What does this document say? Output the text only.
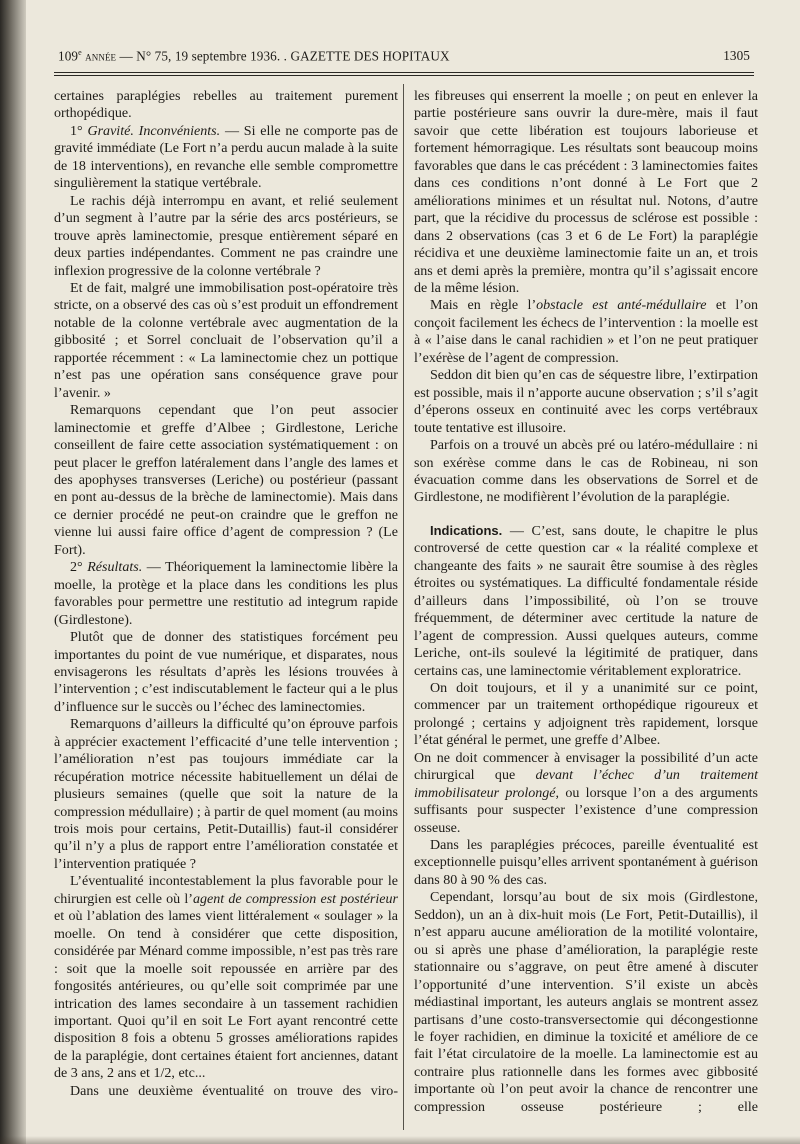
109e année — N° 75, 19 septembre 1936. . GAZETTE DES HOPITAUX	1305

certaines paraplégies rebelles au traitement purement orthopédique.

1° Gravité. Inconvénients. — Si elle ne comporte pas de gravité immédiate (Le Fort n’a perdu aucun malade à la suite de 18 interventions), en revanche elle semble compromettre singulièrement la statique vertébrale.

Le rachis déjà interrompu en avant, et relié seulement d’un segment à l’autre par la série des arcs postérieurs, se trouve après laminectomie, presque entièrement séparé en deux parties indépendantes. Comment ne pas craindre une inflexion progressive de la colonne vertébrale ?

Et de fait, malgré une immobilisation post-opératoire très stricte, on a observé des cas où s’est produit un effondrement notable de la colonne vertébrale avec augmentation de la gibbosité ; et Sorrel concluait de l’observation qu’il a rapportée récemment : « La laminectomie chez un pottique n’est pas une opération sans conséquence grave pour l’avenir. »

Remarquons cependant que l’on peut associer laminectomie et greffe d’Albee ; Girdlestone, Leriche conseillent de faire cette association systématiquement : on peut placer le greffon latéralement dans l’angle des lames et des apophyses transverses (Leriche) ou postérieur (passant en pont au-dessus de la brèche de laminectomie). Mais dans ce dernier procédé ne peut-on craindre que le greffon ne vienne lui aussi faire office d’agent de compression ? (Le Fort).

2° Résultats. — Théoriquement la laminectomie libère la moelle, la protège et la place dans les conditions les plus favorables pour permettre une restitutio ad integrum rapide (Girdlestone).

Plutôt que de donner des statistiques forcément peu importantes du point de vue numérique, et disparates, nous envisagerons les résultats d’après les lésions trouvées à l’intervention ; c’est indiscutablement le facteur qui a le plus d’influence sur le succès ou l’échec des laminectomies.

Remarquons d’ailleurs la difficulté qu’on éprouve parfois à apprécier exactement l’efficacité d’une telle intervention ; l’amélioration n’est pas toujours immédiate car la récupération motrice nécessite habituellement un délai de plusieurs semaines (quelle que soit la nature de la compression médullaire) ; à partir de quel moment (au moins trois mois pour certains, Petit-Dutaillis) faut-il considérer qu’il n’y a plus de rapport entre l’amélioration constatée et l’intervention pratiquée ?

L’éventualité incontestablement la plus favorable pour le chirurgien est celle où l’agent de compression est postérieur et où l’ablation des lames vient littéralement « soulager » la moelle. On tend à considérer que cette disposition, considérée par Ménard comme impossible, n’est pas très rare : soit que la moelle soit repoussée en arrière par des fongosités antérieures, ou qu’elle soit comprimée par une intrication des lames secondaire à un tassement rachidien important. Quoi qu’il en soit Le Fort ayant rencontré cette disposition 8 fois a obtenu 5 grosses améliorations rapides de la paraplégie, dont certaines étaient fort anciennes, datant de 3 ans, 2 ans et 1/2, etc...

Dans une deuxième éventualité on trouve des viro-

les fibreuses qui enserrent la moelle ; on peut en enlever la partie postérieure sans ouvrir la dure-mère, mais il faut savoir que cette libération est toujours laborieuse et fortement hémorragique. Les résultats sont beaucoup moins favorables que dans le cas précédent : 3 laminectomies faites dans ces conditions n’ont donné à Le Fort que 2 améliorations minimes et un résultat nul. Notons, d’autre part, que la récidive du processus de sclérose est possible : dans 2 observations (cas 3 et 6 de Le Fort) la paraplégie récidiva et une deuxième laminectomie faite un an, et trois ans et demi après la première, montra qu’il s’agissait encore de la même lésion.

Mais en règle l’obstacle est anté-médullaire et l’on conçoit facilement les échecs de l’intervention : la moelle est à « l’aise dans le canal rachidien » et l’on ne peut pratiquer l’exérèse de l’agent de compression.

Seddon dit bien qu’en cas de séquestre libre, l’extirpation est possible, mais il n’apporte aucune observation ; s’il s’agit d’éperons osseux en continuité avec les corps vertébraux toute tentative est illusoire.

Parfois on a trouvé un abcès pré ou latéro-médullaire : ni son exérèse comme dans le cas de Robineau, ni son évacuation comme dans les observations de Sorrel et de Girdlestone, ne modifièrent l’évolution de la paraplégie.

Indications. — C’est, sans doute, le chapitre le plus controversé de cette question car « la réalité complexe et changeante des faits » ne saurait être soumise à des règles étroites ou systématiques. La difficulté fondamentale réside d’ailleurs dans l’impossibilité, où l’on se trouve fréquemment, de déterminer avec certitude la nature de l’agent de compression. Aussi quelques auteurs, comme Leriche, ont-ils soulevé la légitimité de pratiquer, dans certains cas, une laminectomie véritablement exploratrice.

On doit toujours, et il y a unanimité sur ce point, commencer par un traitement orthopédique rigoureux et prolongé ; certains y adjoignent très rapidement, lorsque l’état général le permet, une greffe d’Albee.

On ne doit commencer à envisager la possibilité d’un acte chirurgical que devant l’échec d’un traitement immobilisateur prolongé, ou lorsque l’on a des arguments suffisants pour suspecter l’existence d’une compression osseuse.

Dans les paraplégies précoces, pareille éventualité est exceptionnelle puisqu’elles arrivent spontanément à guérison dans 80 à 90 % des cas.

Cependant, lorsqu’au bout de six mois (Girdlestone, Seddon), un an à dix-huit mois (Le Fort, Petit-Dutaillis), il n’est apparu aucune amélioration de la motilité volontaire, ou si après une phase d’amélioration, la paraplégie reste stationnaire ou s’aggrave, on peut être amené à discuter l’opportunité d’une intervention. S’il existe un abcès médiastinal important, les auteurs anglais se montrent assez partisans d’une costo-transversectomie qui décongestionne le foyer rachidien, en diminue la toxicité et améliore de ce fait l’état circulatoire de la moelle. La laminectomie est au contraire plus rationnelle dans les formes avec gibbosité importante où l’on peut avoir la chance de rencontrer une compression osseuse postérieure ; elle
